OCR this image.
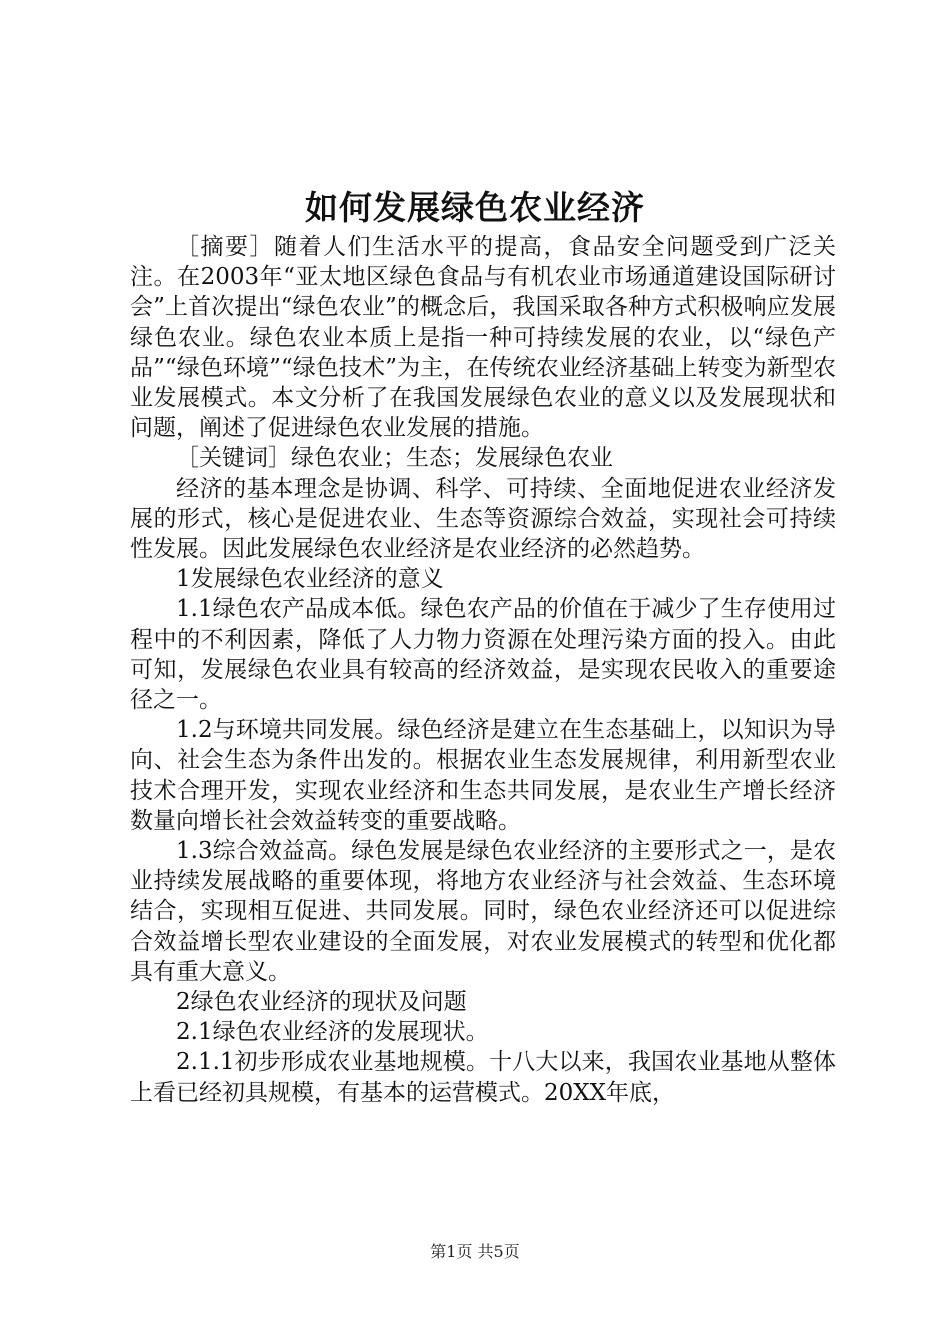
如何发展绿色农业经济

［摘要］随着人们生活水平的提高，食品安全问题受到广泛关注。在2003年“亚太地区绿色食品与有机农业市场通道建设国际研讨会”上首次提出“绿色农业”的概念后，我国采取各种方式积极响应发展绿色农业。绿色农业本质上是指一种可持续发展的农业，以“绿色产品”“绿色环境”“绿色技术”为主，在传统农业经济基础上转变为新型农业发展模式。本文分析了在我国发展绿色农业的意义以及发展现状和问题，阐述了促进绿色农业发展的措施。

［关键词］绿色农业；生态；发展绿色农业

经济的基本理念是协调、科学、可持续、全面地促进农业经济发展的形式，核心是促进农业、生态等资源综合效益，实现社会可持续性发展。因此发展绿色农业经济是农业经济的必然趋势。

1发展绿色农业经济的意义

1.1绿色农产品成本低。绿色农产品的价值在于减少了生存使用过程中的不利因素，降低了人力物力资源在处理污染方面的投入。由此可知，发展绿色农业具有较高的经济效益，是实现农民收入的重要途径之一。

1.2与环境共同发展。绿色经济是建立在生态基础上，以知识为导向、社会生态为条件出发的。根据农业生态发展规律，利用新型农业技术合理开发，实现农业经济和生态共同发展，是农业生产增长经济数量向增长社会效益转变的重要战略。

1.3综合效益高。绿色发展是绿色农业经济的主要形式之一，是农业持续发展战略的重要体现，将地方农业经济与社会效益、生态环境结合，实现相互促进、共同发展。同时，绿色农业经济还可以促进综合效益增长型农业建设的全面发展，对农业发展模式的转型和优化都具有重大意义。

2绿色农业经济的现状及问题

2.1绿色农业经济的发展现状。

2.1.1初步形成农业基地规模。十八大以来，我国农业基地从整体上看已经初具规模，有基本的运营模式。20XX年底，

第1页 共5页
